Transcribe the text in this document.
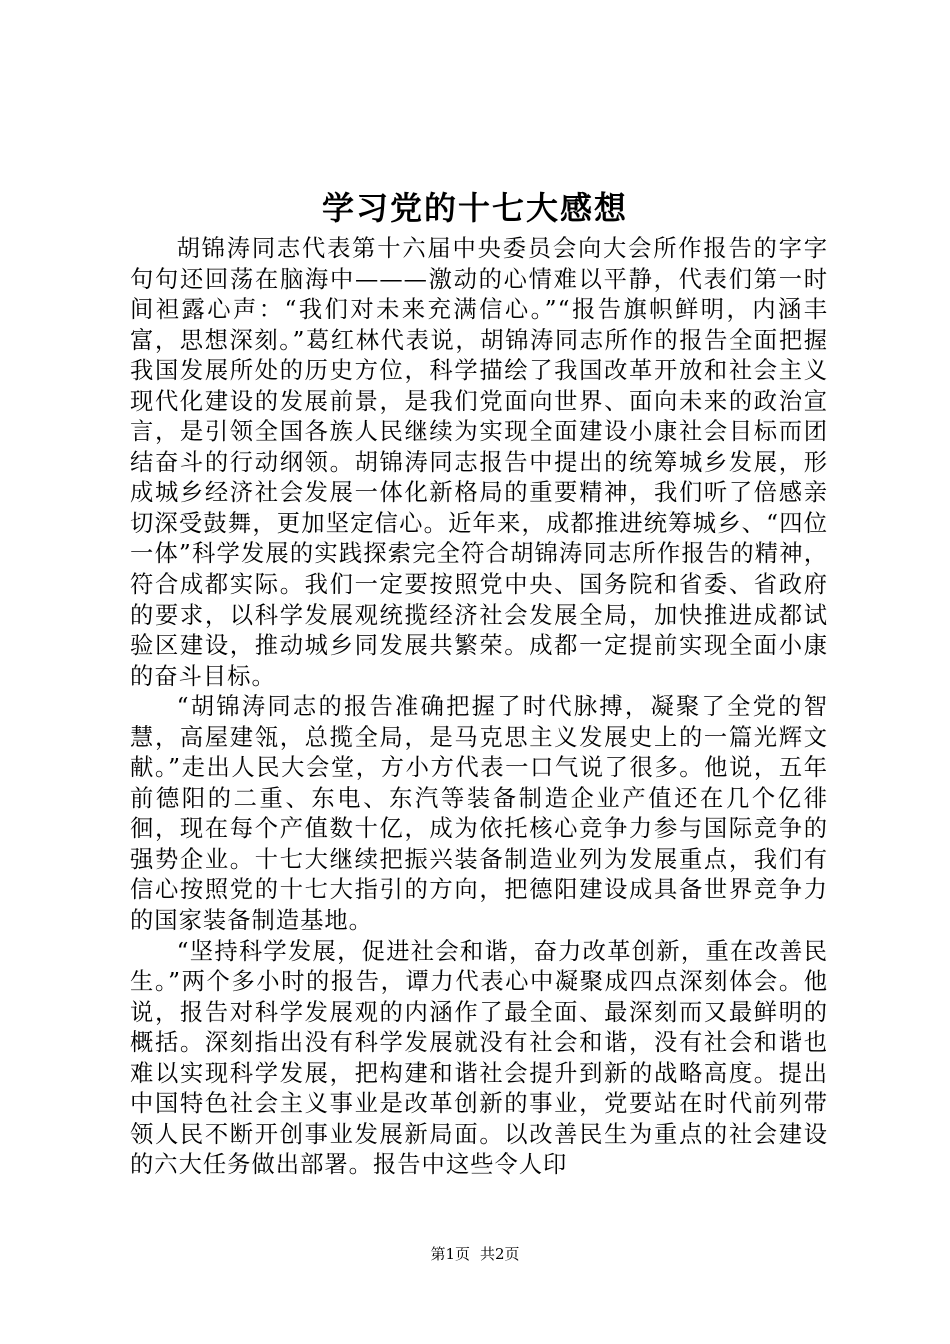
学习党的十七大感想

胡锦涛同志代表第十六届中央委员会向大会所作报告的字字句句还回荡在脑海中———激动的心情难以平静，代表们第一时间袒露心声：“我们对未来充满信心。”“报告旗帜鲜明，内涵丰富，思想深刻。”葛红林代表说，胡锦涛同志所作的报告全面把握我国发展所处的历史方位，科学描绘了我国改革开放和社会主义现代化建设的发展前景，是我们党面向世界、面向未来的政治宣言，是引领全国各族人民继续为实现全面建设小康社会目标而团结奋斗的行动纲领。胡锦涛同志报告中提出的统筹城乡发展，形成城乡经济社会发展一体化新格局的重要精神，我们听了倍感亲切深受鼓舞，更加坚定信心。近年来，成都推进统筹城乡、“四位一体”科学发展的实践探索完全符合胡锦涛同志所作报告的精神，符合成都实际。我们一定要按照党中央、国务院和省委、省政府的要求，以科学发展观统揽经济社会发展全局，加快推进成都试验区建设，推动城乡同发展共繁荣。成都一定提前实现全面小康的奋斗目标。

“胡锦涛同志的报告准确把握了时代脉搏，凝聚了全党的智慧，高屋建瓴，总揽全局，是马克思主义发展史上的一篇光辉文献。”走出人民大会堂，方小方代表一口气说了很多。他说，五年前德阳的二重、东电、东汽等装备制造企业产值还在几个亿徘徊，现在每个产值数十亿，成为依托核心竞争力参与国际竞争的强势企业。十七大继续把振兴装备制造业列为发展重点，我们有信心按照党的十七大指引的方向，把德阳建设成具备世界竞争力的国家装备制造基地。

“坚持科学发展，促进社会和谐，奋力改革创新，重在改善民生。”两个多小时的报告，谭力代表心中凝聚成四点深刻体会。他说，报告对科学发展观的内涵作了最全面、最深刻而又最鲜明的概括。深刻指出没有科学发展就没有社会和谐，没有社会和谐也难以实现科学发展，把构建和谐社会提升到新的战略高度。提出中国特色社会主义事业是改革创新的事业，党要站在时代前列带领人民不断开创事业发展新局面。以改善民生为重点的社会建设的六大任务做出部署。报告中这些令人印

第1页 共2页
